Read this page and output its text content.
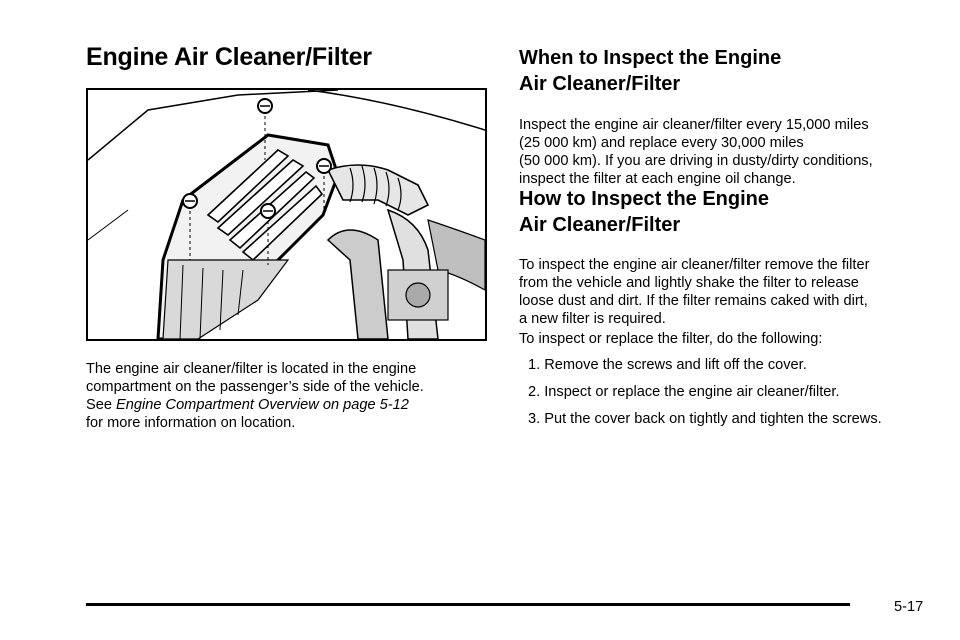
Engine Air Cleaner/Filter

The engine air cleaner/filter is located in the engine

compartment on the passenger’s side of the vehicle.

See Engine Compartment Overview on page 5-12

for more information on location.

When to Inspect the Engine
Air Cleaner/Filter

Inspect the engine air cleaner/filter every 15,000 miles

(25 000 km) and replace every 30,000 miles

(50 000 km). If you are driving in dusty/dirty conditions,

inspect the filter at each engine oil change.

How to Inspect the Engine
Air Cleaner/Filter

To inspect the engine air cleaner/filter remove the filter

from the vehicle and lightly shake the filter to release

loose dust and dirt. If the filter remains caked with dirt,

a new filter is required.

To inspect or replace the filter, do the following:

1. Remove the screws and lift off the cover.
2. Inspect or replace the engine air cleaner/filter.
3. Put the cover back on tightly and tighten the screws.
5-17
